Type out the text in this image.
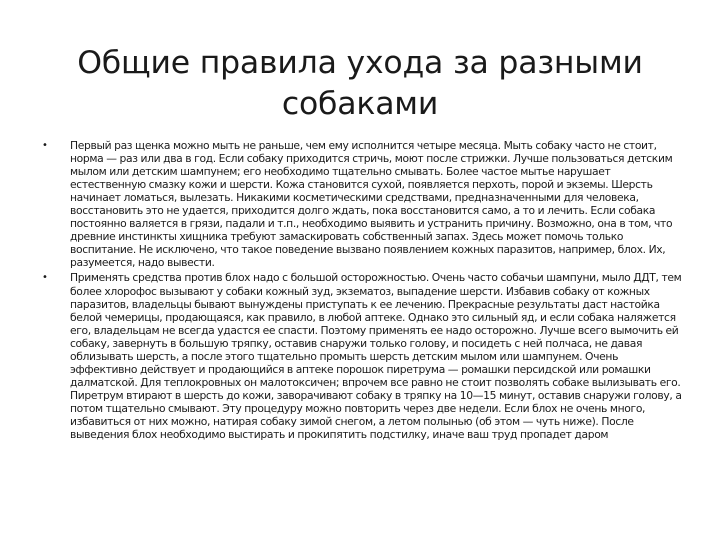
Общие правила ухода за разными
собаками
• Первый раз щенка можно мыть не раньше, чем ему исполнится четыре месяца. Мыть собаку часто не стоит, норма — раз или два в год. Если собаку приходится стричь, моют после стрижки. Лучше пользоваться детским мылом или детским шампунем; его необходимо тщательно смывать. Более частое мытье нарушает естественную смазку кожи и шерсти. Кожа становится сухой, появляется перхоть, порой и экземы. Шерсть начинает ломаться, вылезать. Никакими косметическими средствами, предназначенными для человека, восстановить это не удается, приходится долго ждать, пока восстановится само, а то и лечить. Если собака постоянно валяется в грязи, падали и т.п., необходимо выявить и устранить причину. Возможно, она в том, что древние инстинкты хищника требуют замаскировать собственный запах. Здесь может помочь только воспитание. Не исключено, что такое поведение вызвано появлением кожных паразитов, например, блох. Их, разумеется, надо вывести.
• Применять средства против блох надо с большой осторожностью. Очень часто собачьи шампуни, мыло ДДТ, тем более хлорофос вызывают у собаки кожный зуд, экзематоз, выпадение шерсти. Избавив собаку от кожных паразитов, владельцы бывают вынуждены приступать к ее лечению. Прекрасные результаты даст настойка белой чемерицы, продающаяся, как правило, в любой аптеке. Однако это сильный яд, и если собака наляжется его, владельцам не всегда удастся ее спасти. Поэтому применять ее надо осторожно. Лучше всего вымочить ей собаку, завернуть в большую тряпку, оставив снаружи только голову, и посидеть с ней полчаса, не давая облизывать шерсть, а после этого тщательно промыть шерсть детским мылом или шампунем. Очень эффективно действует и продающийся в аптеке порошок пиретрума — ромашки персидской или ромашки далматской. Для теплокровных он малотоксичен; впрочем все равно не стоит позволять собаке вылизывать его. Пиретрум втирают в шерсть до кожи, заворачивают собаку в тряпку на 10—15 минут, оставив снаружи голову, а потом тщательно смывают. Эту процедуру можно повторить через две недели. Если блох не очень много, избавиться от них можно, натирая собаку зимой снегом, а летом полынью (об этом — чуть ниже). После выведения блох необходимо выстирать и прокипятить подстилку, иначе ваш труд пропадет даром
